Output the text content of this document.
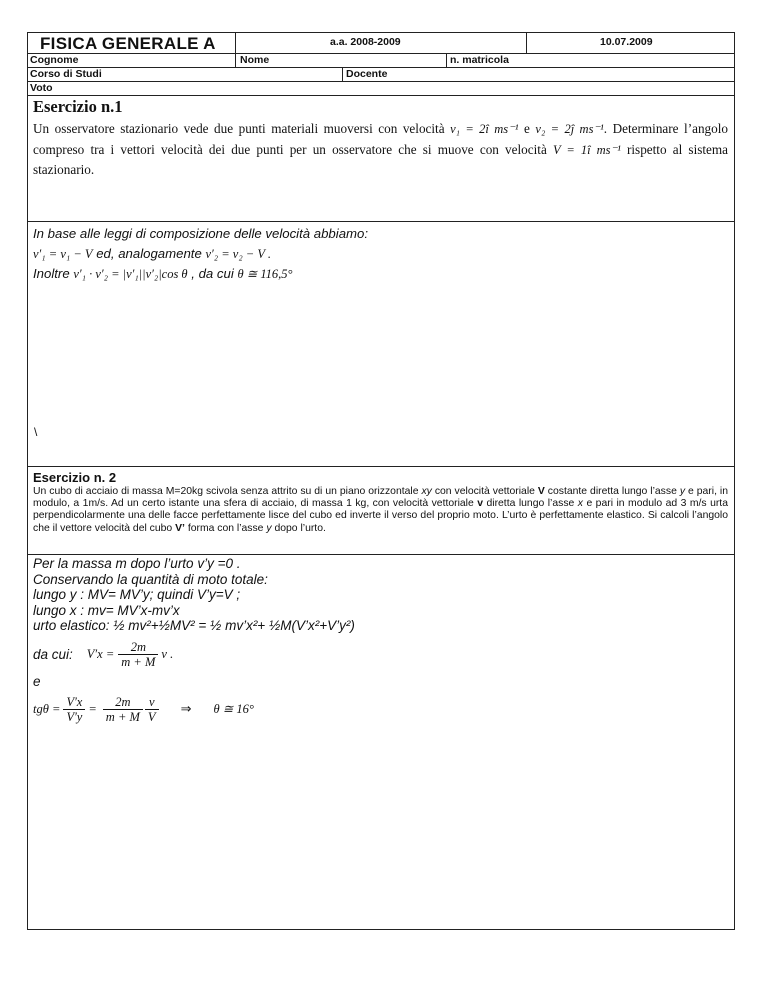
FISICA GENERALE A	a.a. 2008-2009	10.07.2009
Cognome	Nome	n. matricola
Corso di Studi	Docente
Voto
Esercizio n.1
Un osservatore stazionario vede due punti materiali muoversi con velocità v₁ = 2î ms⁻¹ e v₂ = 2ĵ ms⁻¹. Determinare l’angolo compreso tra i vettori velocità dei due punti per un osservatore che si muove con velocità V = 1î ms⁻¹ rispetto al sistema stazionario.
In base alle leggi di composizione delle velocità abbiamo:
v′₁ = v₁ − V ed, analogamente v′₂ = v₂ − V .
Inoltre v′₁ · v′₂ = |v′₁||v′₂|cos θ , da cui θ ≅ 116,5°
\
Esercizio n. 2
Un cubo di acciaio di massa M=20kg scivola senza attrito su di un piano orizzontale xy con velocità vettoriale V costante diretta lungo l’asse y e pari, in modulo, a 1m/s. Ad un certo istante una sfera di acciaio, di massa 1 kg, con velocità vettoriale v diretta lungo l’asse x e pari in modulo ad 3 m/s urta perpendicolarmente una delle facce perfettamente lisce del cubo ed inverte il verso del proprio moto. L’urto è perfettamente elastico. Si calcoli l’angolo che il vettore velocità del cubo V’ forma con l’asse y dopo l’urto.
Per la massa m dopo l’urto v’y =0 .
Conservando la quantità di moto totale:
lungo y : MV= MV’y; quindi V’y=V ;
lungo x : mv= MV’x-mv’x
urto elastico: ½ mv²+½MV² = ½ mv’x²+ ½M(V’x²+V’y²)
da cui: $V'x = \frac{2m}{m + M}$ v .
e
$tg\theta = \frac{V'x}{V'y} = \frac{2m}{m + M} \frac{v}{V}$ ⇒ θ ≅ 16°
